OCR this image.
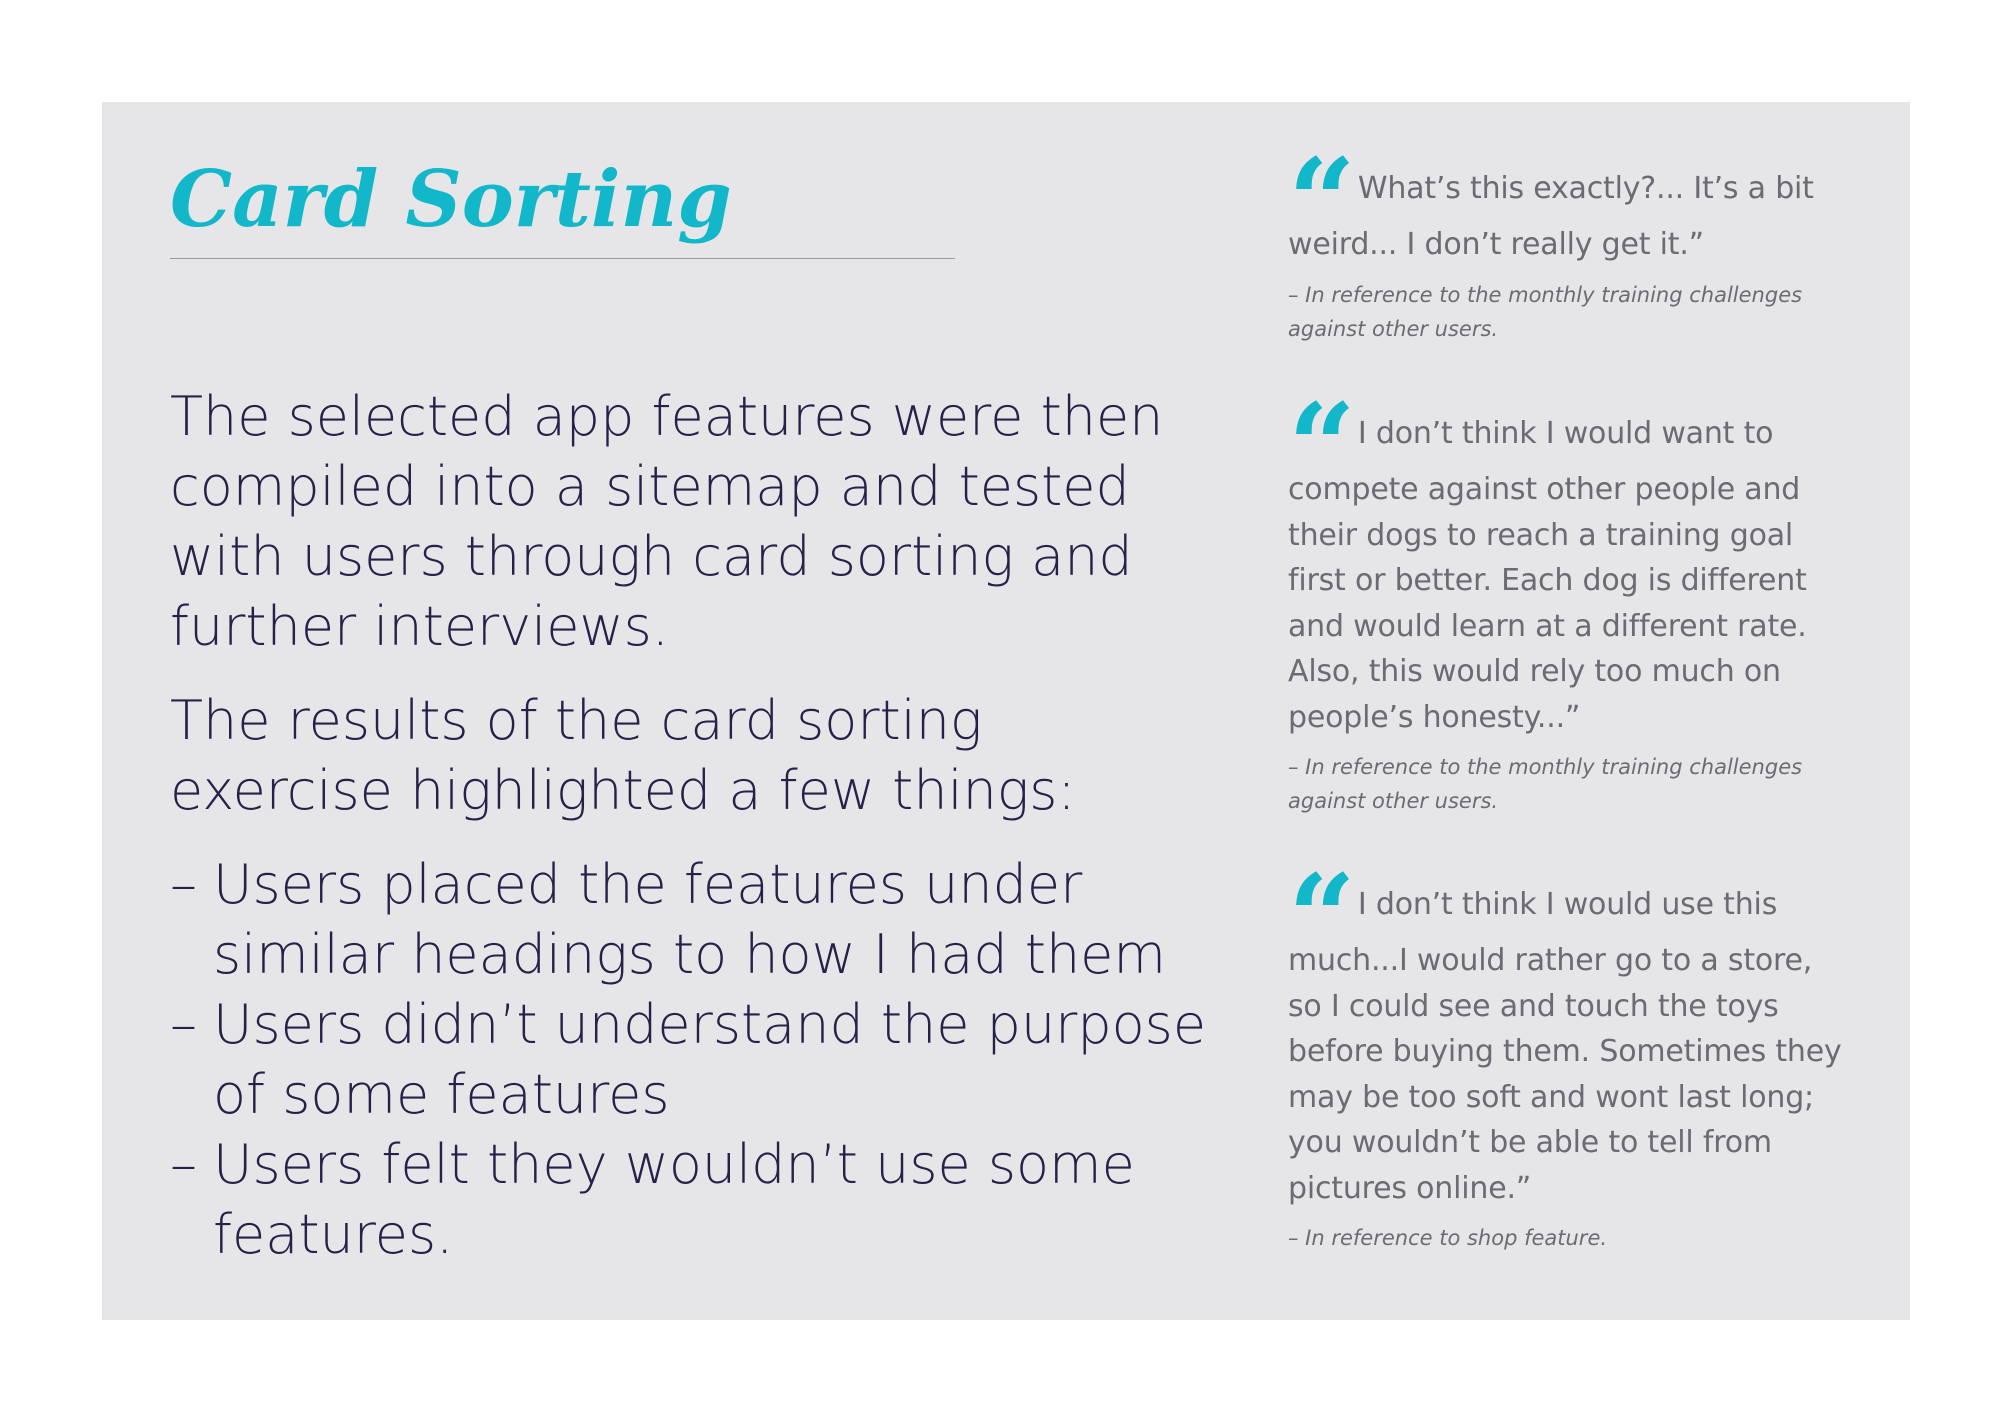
Card Sorting

The selected app features were then compiled into a sitemap and tested with users through card sorting and further interviews.

The results of the card sorting exercise highlighted a few things:

– Users placed the features under similar headings to how I had them
– Users didn’t understand the purpose of some features
– Users felt they wouldn’t use some features.

“ What’s this exactly?... It’s a bit weird... I don’t really get it.”

– In reference to the monthly training challenges against other users.

“ I don’t think I would want to compete against other people and their dogs to reach a training goal first or better. Each dog is different and would learn at a different rate. Also, this would rely too much on people’s honesty...”

– In reference to the monthly training challenges against other users.

“ I don’t think I would use this much...I would rather go to a store, so I could see and touch the toys before buying them. Sometimes they may be too soft and wont last long; you wouldn’t be able to tell from pictures online.”

– In reference to shop feature.
